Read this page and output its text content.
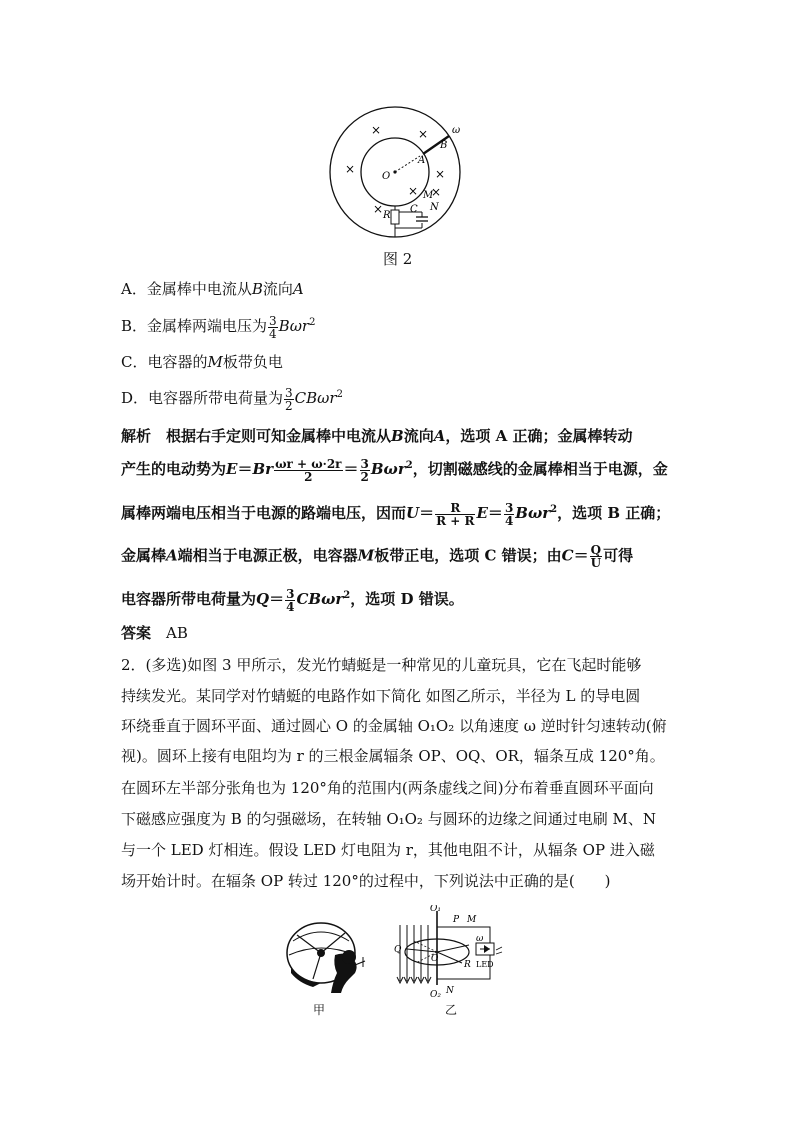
O
A
B
ω
M
N
C
R
×	×
×	×
× ×
×
图 2
A．金属棒中电流从B流向A
B．金属棒两端电压为 $\frac{3}{4} B\omega r^2$
C．电容器的M板带负电
D．电容器所带电荷量为 $\frac{3}{2} CB\omega r^2$
解析　 根据右手定则可知金属棒中电流从B流向A，选项 A 正确；金属棒转动
产生的电动势为$E=Br \frac{\omega r + \omega\cdot 2r}{2} = \frac{3}{2} B\omega r^2$，切割磁感线的金属棒相当于电源，金
属棒两端电压相当于电源的路端电压，因而$U= \frac{R}{R + R} E= \frac{3}{4} B\omega r^2$，选项 B 正确；
金属棒A端相当于电源正极，电容器M板带正电，选项 C 错误；由$C= \frac{Q}{U}$ 可得
电容器所带电荷量为$Q= \frac{3}{4} CB\omega r^2$，选项 D 错误。
答案　 AB
2．(多选)如图 3 甲所示，发光竹蜻蜓是一种常见的儿童玩具，它在飞起时能够
持续发光。某同学对竹蜻蜓的电路作如下简化 如图乙所示，半径为 L 的导电圆
环绕垂直于圆环平面、通过圆心 O 的金属轴 O₁O₂ 以角速度 ω 逆时针匀速转动(俯
视)。圆环上接有电阻均为 r 的三根金属辐条 OP、OQ、OR，辐条互成 120°角。
在圆环左半部分张角也为 120°角的范围内(两条虚线之间)分布着垂直圆环平面向
下磁感应强度为 B 的匀强磁场，在转轴 O₁O₂ 与圆环的边缘之间通过电刷 M、N
与一个 LED 灯相连。假设 LED 灯电阻为 r，其他电阻不计，从辐条 OP 进入磁
场开始计时。在辐条 OP 转过 120°的过程中，下列说法中正确的是(　　)
O₁
P M
Q
O
ω
R LED
O₂ N
甲	乙
